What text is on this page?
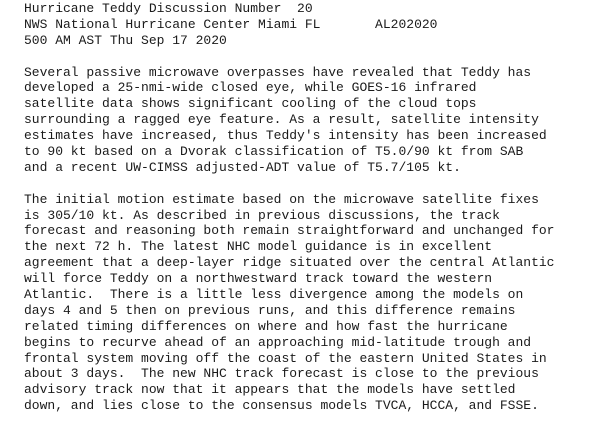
Hurricane Teddy Discussion Number  20
NWS National Hurricane Center Miami FL       AL202020
500 AM AST Thu Sep 17 2020
Several passive microwave overpasses have revealed that Teddy has
developed a 25-nmi-wide closed eye, while GOES-16 infrared
satellite data shows significant cooling of the cloud tops
surrounding a ragged eye feature. As a result, satellite intensity
estimates have increased, thus Teddy's intensity has been increased
to 90 kt based on a Dvorak classification of T5.0/90 kt from SAB
and a recent UW-CIMSS adjusted-ADT value of T5.7/105 kt.
The initial motion estimate based on the microwave satellite fixes
is 305/10 kt. As described in previous discussions, the track
forecast and reasoning both remain straightforward and unchanged for
the next 72 h. The latest NHC model guidance is in excellent
agreement that a deep-layer ridge situated over the central Atlantic
will force Teddy on a northwestward track toward the western
Atlantic.  There is a little less divergence among the models on
days 4 and 5 then on previous runs, and this difference remains
related timing differences on where and how fast the hurricane
begins to recurve ahead of an approaching mid-latitude trough and
frontal system moving off the coast of the eastern United States in
about 3 days.  The new NHC track forecast is close to the previous
advisory track now that it appears that the models have settled
down, and lies close to the consensus models TVCA, HCCA, and FSSE.
